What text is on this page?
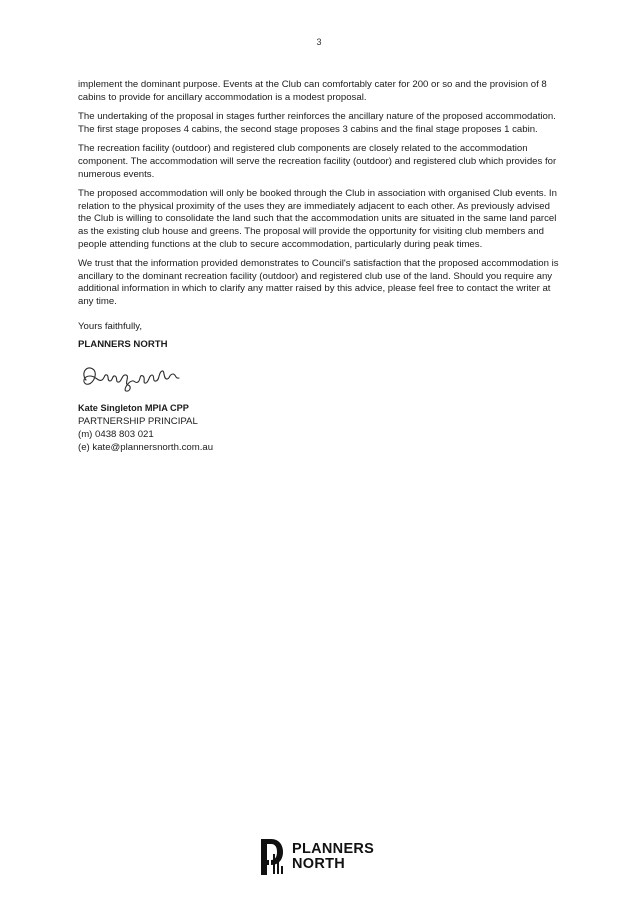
3

implement the dominant purpose. Events at the Club can comfortably cater for 200 or so and the provision of 8 cabins to provide for ancillary accommodation is a modest proposal.

The undertaking of the proposal in stages further reinforces the ancillary nature of the proposed accommodation. The first stage proposes 4 cabins, the second stage proposes 3 cabins and the final stage proposes 1 cabin.

The recreation facility (outdoor) and registered club components are closely related to the accommodation component. The accommodation will serve the recreation facility (outdoor) and registered club which provides for numerous events.

The proposed accommodation will only be booked through the Club in association with organised Club events. In relation to the physical proximity of the uses they are immediately adjacent to each other. As previously advised the Club is willing to consolidate the land such that the accommodation units are situated in the same land parcel as the existing club house and greens. The proposal will provide the opportunity for visiting club members and people attending functions at the club to secure accommodation, particularly during peak times.

We trust that the information provided demonstrates to Council's satisfaction that the proposed accommodation is ancillary to the dominant recreation facility (outdoor) and registered club use of the land. Should you require any additional information in which to clarify any matter raised by this advice, please feel free to contact the writer at any time.

Yours faithfully,
PLANNERS NORTH
Kate Singleton MPIA CPP
PARTNERSHIP PRINCIPAL
(m) 0438 803 021
(e) kate@plannersnorth.com.au
PLANNERS
NORTH
